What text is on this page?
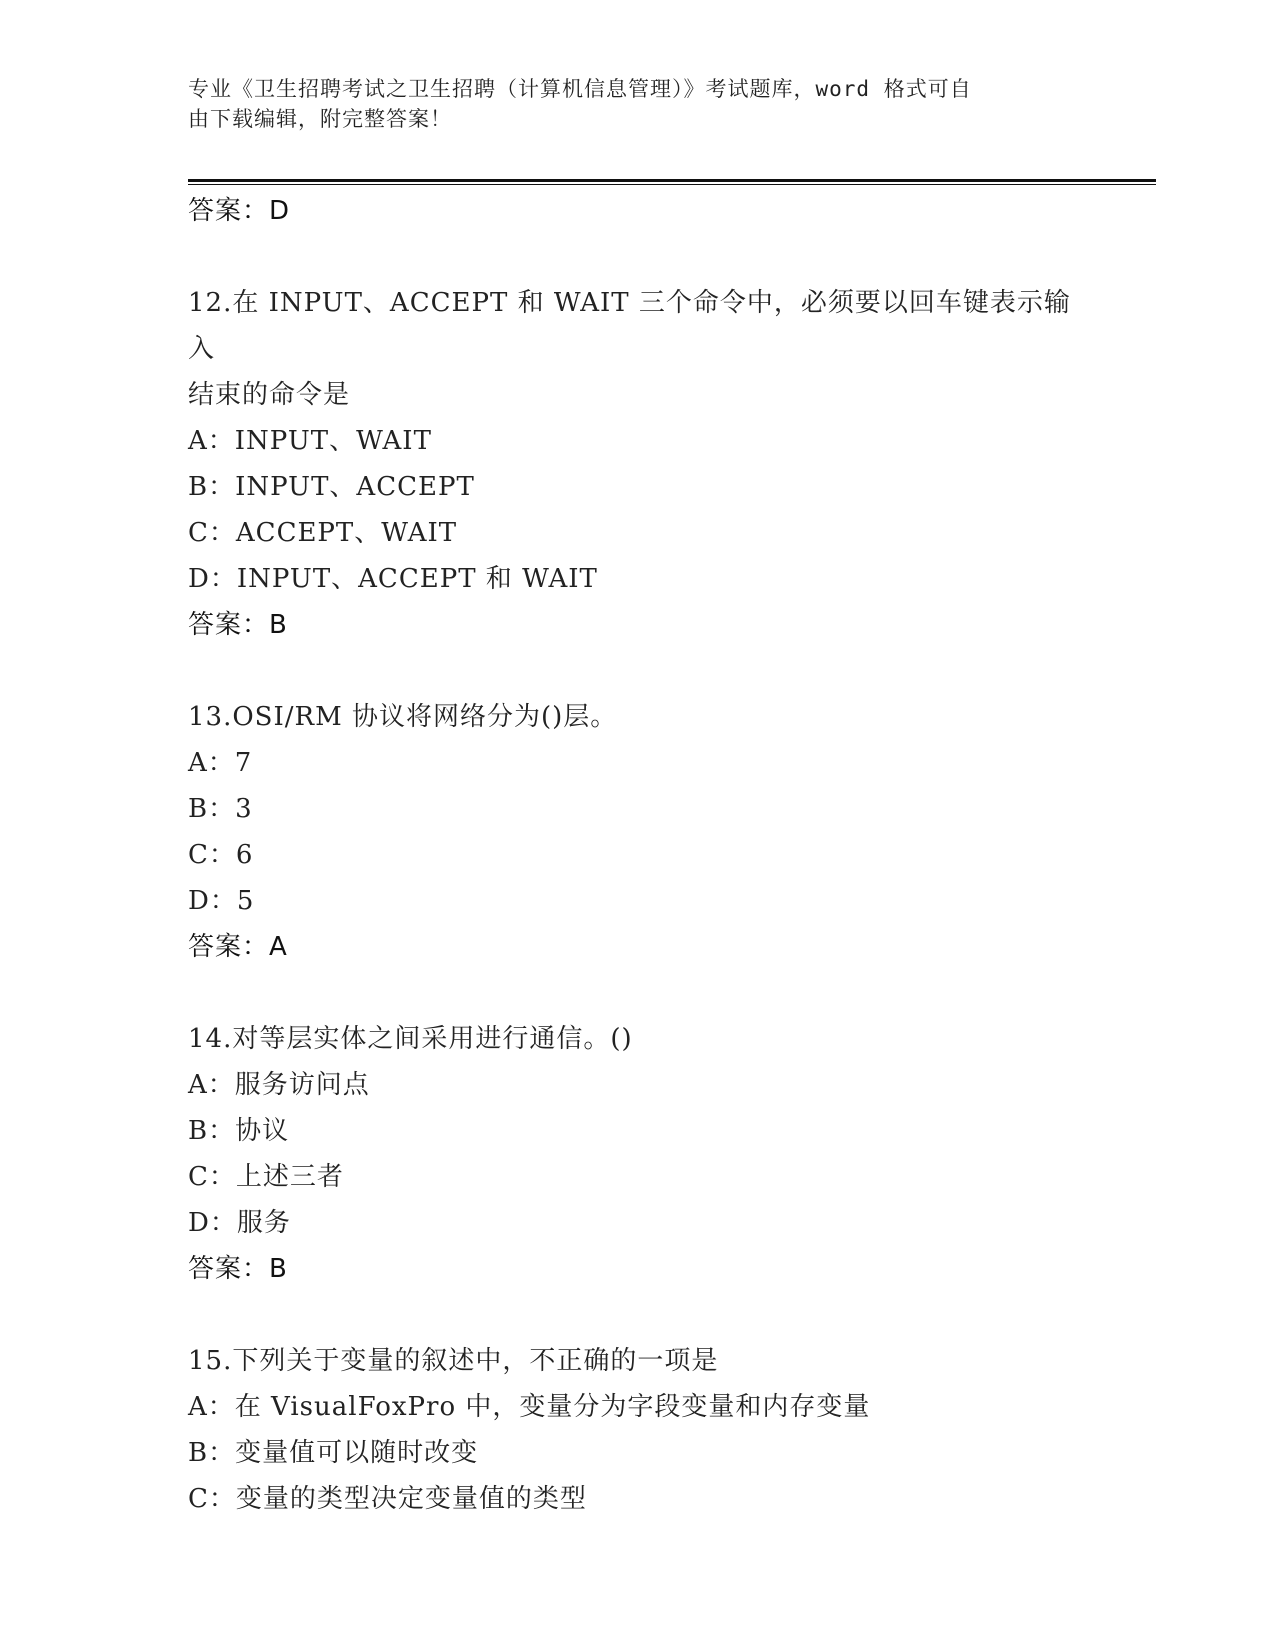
专业《卫生招聘考试之卫生招聘（计算机信息管理）》考试题库，word 格式可自
由下载编辑，附完整答案！
答案：D
12.在 INPUT、ACCEPT 和 WAIT 三个命令中，必须要以回车键表示输入
结束的命令是
A：INPUT、WAIT
B：INPUT、ACCEPT
C：ACCEPT、WAIT
D：INPUT、ACCEPT 和 WAIT
答案：B
13.OSI/RM 协议将网络分为()层。
A：7
B：3
C：6
D：5
答案：A
14.对等层实体之间采用进行通信。()
A：服务访问点
B：协议
C：上述三者
D：服务
答案：B
15.下列关于变量的叙述中，不正确的一项是
A：在 VisualFoxPro 中，变量分为字段变量和内存变量
B：变量值可以随时改变
C：变量的类型决定变量值的类型
